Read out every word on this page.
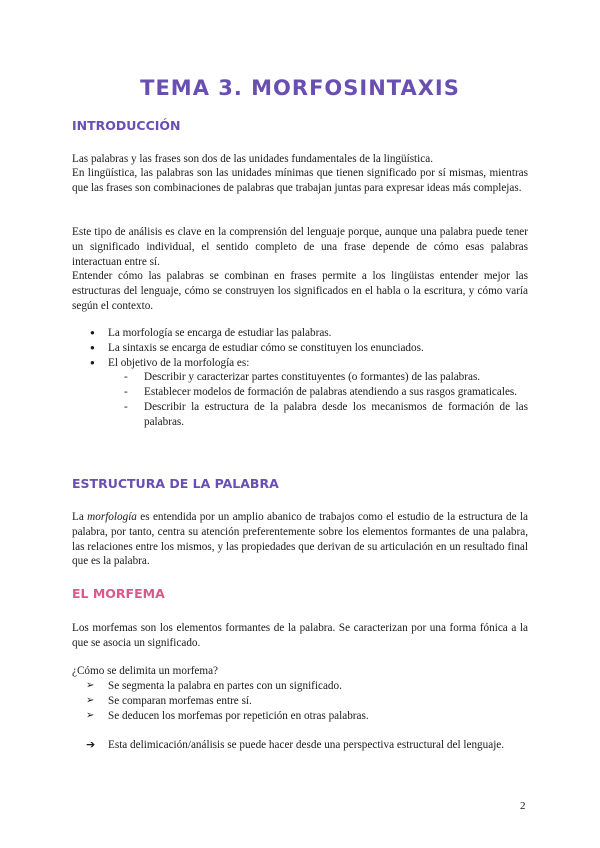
TEMA 3. MORFOSINTAXIS
INTRODUCCIÓN

Las palabras y las frases son dos de las unidades fundamentales de la lingüística.

En lingüística, las palabras son las unidades mínimas que tienen significado por sí mismas, mientras que las frases son combinaciones de palabras que trabajan juntas para expresar ideas más complejas.

Este tipo de análisis es clave en la comprensión del lenguaje porque, aunque una palabra puede tener un significado individual, el sentido completo de una frase depende de cómo esas palabras interactuan entre sí.

Entender cómo las palabras se combinan en frases permite a los lingüistas entender mejor las estructuras del lenguaje, cómo se construyen los significados en el habla o la escritura, y cómo varía según el contexto.

● La morfología se encarga de estudiar las palabras.
● La sintaxis se encarga de estudiar cómo se constituyen los enunciados.
● El objetivo de la morfología es:
- Describir y caracterizar partes constituyentes (o formantes) de las palabras.
- Establecer modelos de formación de palabras atendiendo a sus rasgos gramaticales.
- Describir la estructura de la palabra desde los mecanismos de formación de las palabras.
ESTRUCTURA DE LA PALABRA

La morfología es entendida por un amplio abanico de trabajos como el estudio de la estructura de la palabra, por tanto, centra su atención preferentemente sobre los elementos formantes de una palabra, las relaciones entre los mismos, y las propiedades que derivan de su articulación en un resultado final que es la palabra.

EL MORFEMA

Los morfemas son los elementos formantes de la palabra. Se caracterizan por una forma fónica a la que se asocia un significado.

¿Cómo se delimita un morfema?

➢ Se segmenta la palabra en partes con un significado.
➢ Se comparan morfemas entre sí.
➢ Se deducen los morfemas por repetición en otras palabras.
➔	Esta delimicación/análisis se puede hacer desde una perspectiva estructural del lenguaje.
2
